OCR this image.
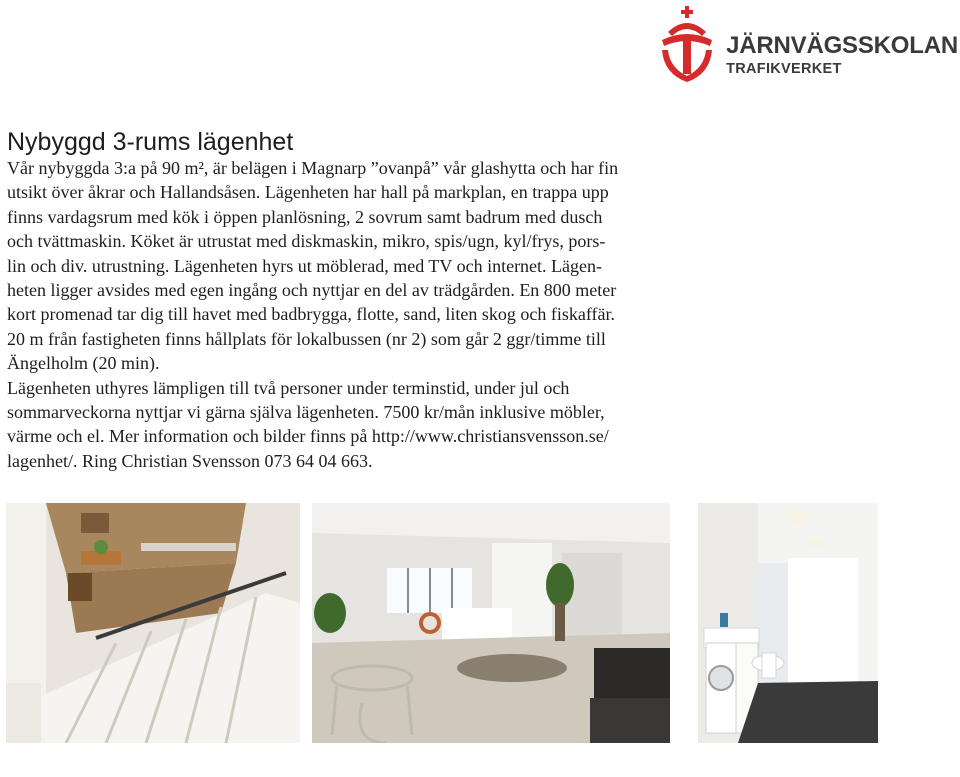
JÄRNVÄGSSKOLAN
TRAFIKVERKET
Nybyggd 3-rums lägenhet
Vår nybyggda 3:a på 90 m², är belägen i Magnarp ”ovanpå” vår glashytta och har fin
utsikt över åkrar och Hallandsåsen. Lägenheten har hall på markplan, en trappa upp
finns vardagsrum med kök i öppen planlösning, 2 sovrum samt badrum med dusch
och tvättmaskin. Köket är utrustat med diskmaskin, mikro, spis/ugn, kyl/frys, pors-
lin och div. utrustning. Lägenheten hyrs ut möblerad, med TV och internet. Lägen-
heten ligger avsides med egen ingång och nyttjar en del av trädgården. En 800 meter
kort promenad tar dig till havet med badbrygga, flotte, sand, liten skog och fiskaffär.
20 m från fastigheten finns hållplats för lokalbussen (nr 2) som går 2 ggr/timme till
Ängelholm (20 min).
Lägenheten uthyres lämpligen till två personer under terminstid, under jul och
sommarveckorna nyttjar vi gärna själva lägenheten. 7500 kr/mån inklusive möbler,
värme och el. Mer information och bilder finns på http://www.christiansvensson.se/
lagenhet/. Ring Christian Svensson 073 64 04 663.
